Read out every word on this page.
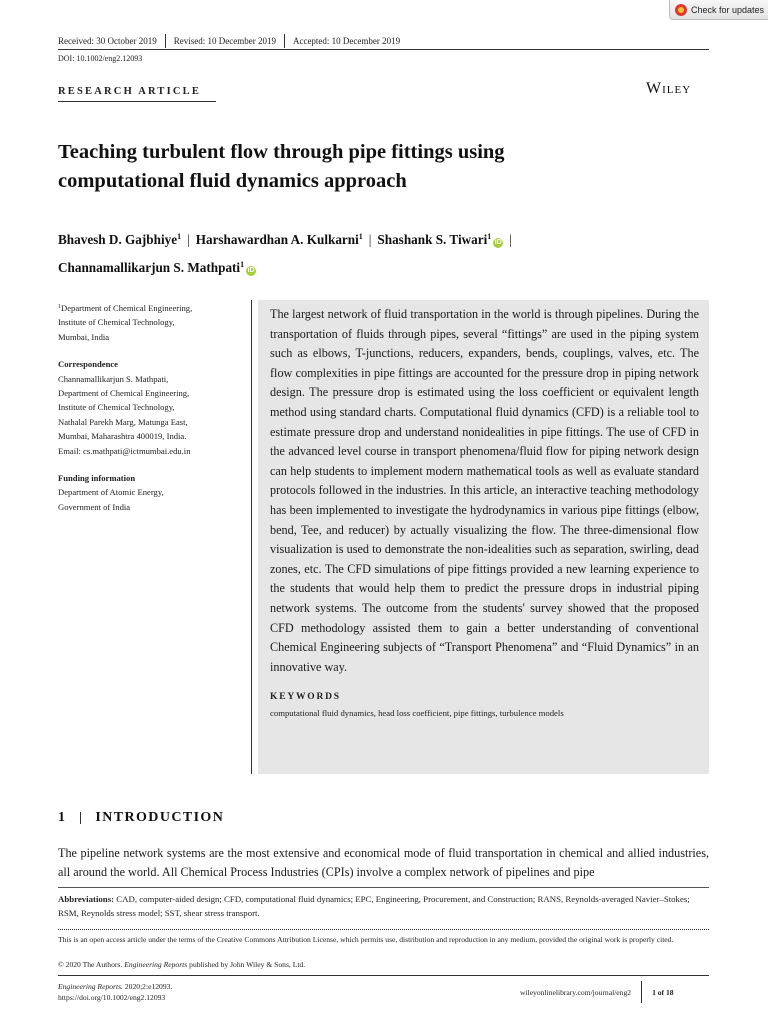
Check for updates
Received: 30 October 2019 Revised: 10 December 2019 Accepted: 10 December 2019
DOI: 10.1002/eng2.12093
RESEARCH ARTICLE	Wiley
Teaching turbulent flow through pipe fittings using
computational fluid dynamics approach
Bhavesh D. Gajbhiye$^1$ | Harshawardhan A. Kulkarni$^1$ | Shashank S. Tiwari$^1$iD |
Channamallikarjun S. Mathpati$^1$iD

$^1$Department of Chemical Engineering,

Institute of Chemical Technology,

Mumbai, India

Correspondence

Channamallikarjun S. Mathpati,

Department of Chemical Engineering,

Institute of Chemical Technology,

Nathalal Parekh Marg, Matunga East,

Mumbai, Maharashtra 400019, India.

Email: cs.mathpati@ictmumbai.edu.in

Funding information

Department of Atomic Energy,

Government of India

The largest network of fluid transportation in the world is through pipelines. During the transportation of fluids through pipes, several “fittings” are used in the piping system such as elbows, T-junctions, reducers, expanders, bends, couplings, valves, etc. The flow complexities in pipe fittings are accounted for the pressure drop in piping network design. The pressure drop is estimated using the loss coefficient or equivalent length method using standard charts. Computational fluid dynamics (CFD) is a reliable tool to estimate pressure drop and understand nonidealities in pipe fittings. The use of CFD in the advanced level course in transport phenomena/fluid flow for piping network design can help students to implement modern mathematical tools as well as evaluate standard protocols followed in the industries. In this article, an interactive teaching methodology has been implemented to investigate the hydrodynamics in various pipe fittings (elbow, bend, Tee, and reducer) by actually visualizing the flow. The three-dimensional flow visualization is used to demonstrate the non-idealities such as separation, swirling, dead zones, etc. The CFD simulations of pipe fittings provided a new learning experience to the students that would help them to predict the pressure drops in industrial piping network systems. The outcome from the students' survey showed that the proposed CFD methodology assisted them to gain a better understanding of conventional Chemical Engineering subjects of “Transport Phenomena” and “Fluid Dynamics” in an innovative way.

KEYWORDS
computational fluid dynamics, head loss coefficient, pipe fittings, turbulence models
1 INTRODUCTION

The pipeline network systems are the most extensive and economical mode of fluid transportation in chemical and allied industries, all around the world. All Chemical Process Industries (CPIs) involve a complex network of pipelines and pipe

Abbreviations: CAD, computer-aided design; CFD, computational fluid dynamics; EPC, Engineering, Procurement, and Construction; RANS, Reynolds-averaged Navier–Stokes; RSM, Reynolds stress model; SST, shear stress transport.
This is an open access article under the terms of the Creative Commons Attribution License, which permits use, distribution and reproduction in any medium, provided the original work is properly cited.
© 2020 The Authors. Engineering Reports published by John Wiley & Sons, Ltd.
Engineering Reports. 2020;2:e12093.
https://doi.org/10.1002/eng2.12093
wileyonlinelibrary.com/journal/eng2	1 of 18
